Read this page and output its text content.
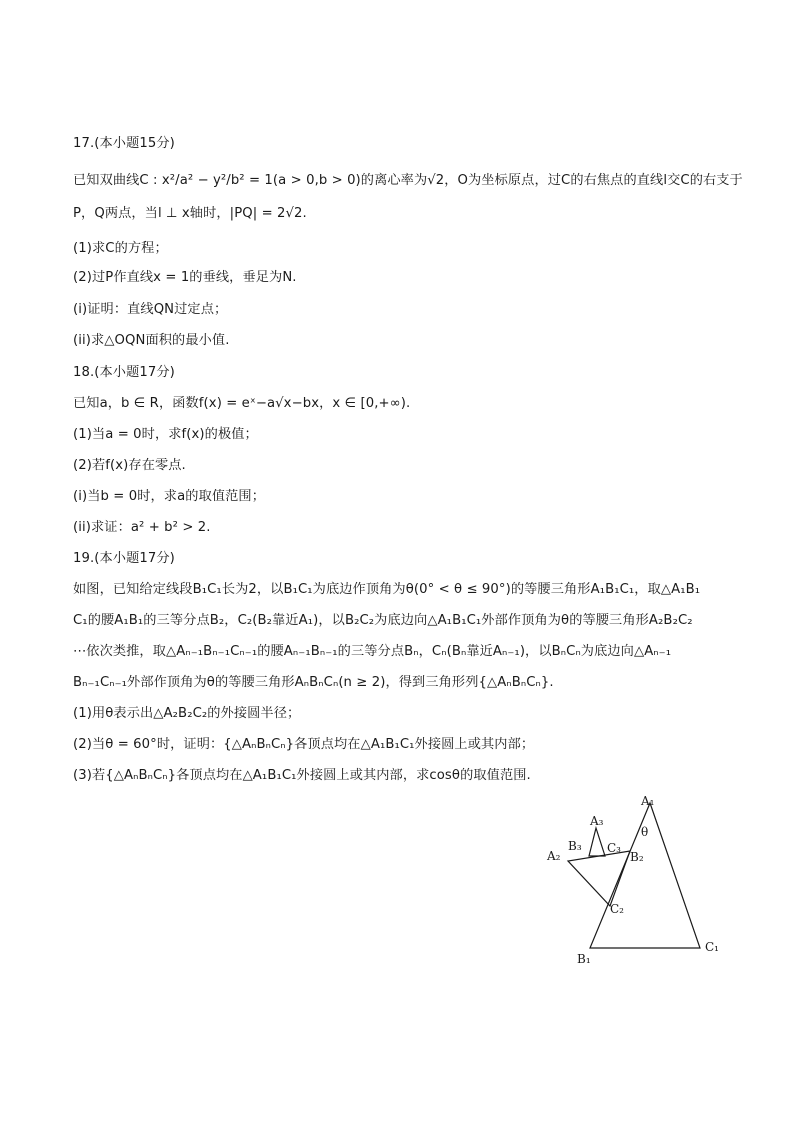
17.(本小题15分)
已知双曲线C : x²/a² − y²/b² = 1(a > 0,b > 0)的离心率为√2，O为坐标原点，过C的右焦点的直线l交C的右支于
P，Q两点，当l ⊥ x轴时，|PQ| = 2√2.
(1)求C的方程；
(2)过P作直线x = 1的垂线，垂足为N.
(i)证明：直线QN过定点；
(ii)求△OQN面积的最小值.
18.(本小题17分)
已知a，b ∈ R，函数f(x) = eˣ−a√x−bx，x ∈ [0,+∞).
(1)当a = 0时，求f(x)的极值；
(2)若f(x)存在零点.
(i)当b = 0时，求a的取值范围；
(ii)求证：a² + b² > 2.
19.(本小题17分)
如图，已知给定线段B₁C₁长为2，以B₁C₁为底边作顶角为θ(0° < θ ≤ 90°)的等腰三角形A₁B₁C₁，取△A₁B₁
C₁的腰A₁B₁的三等分点B₂，C₂(B₂靠近A₁)，以B₂C₂为底边向△A₁B₁C₁外部作顶角为θ的等腰三角形A₂B₂C₂
⋯依次类推，取△Aₙ₋₁Bₙ₋₁Cₙ₋₁的腰Aₙ₋₁Bₙ₋₁的三等分点Bₙ，Cₙ(Bₙ靠近Aₙ₋₁)，以BₙCₙ为底边向△Aₙ₋₁
Bₙ₋₁Cₙ₋₁外部作顶角为θ的等腰三角形AₙBₙCₙ(n ≥ 2)，得到三角形列{△AₙBₙCₙ}.
(1)用θ表示出△A₂B₂C₂的外接圆半径；
(2)当θ = 60°时，证明：{△AₙBₙCₙ}各顶点均在△A₁B₁C₁外接圆上或其内部；
(3)若{△AₙBₙCₙ}各顶点均在△A₁B₁C₁外接圆上或其内部，求cosθ的取值范围.
A₁
θ
B₁
C₁
B₂
C₂
A₂
A₃
B₃ C₃
